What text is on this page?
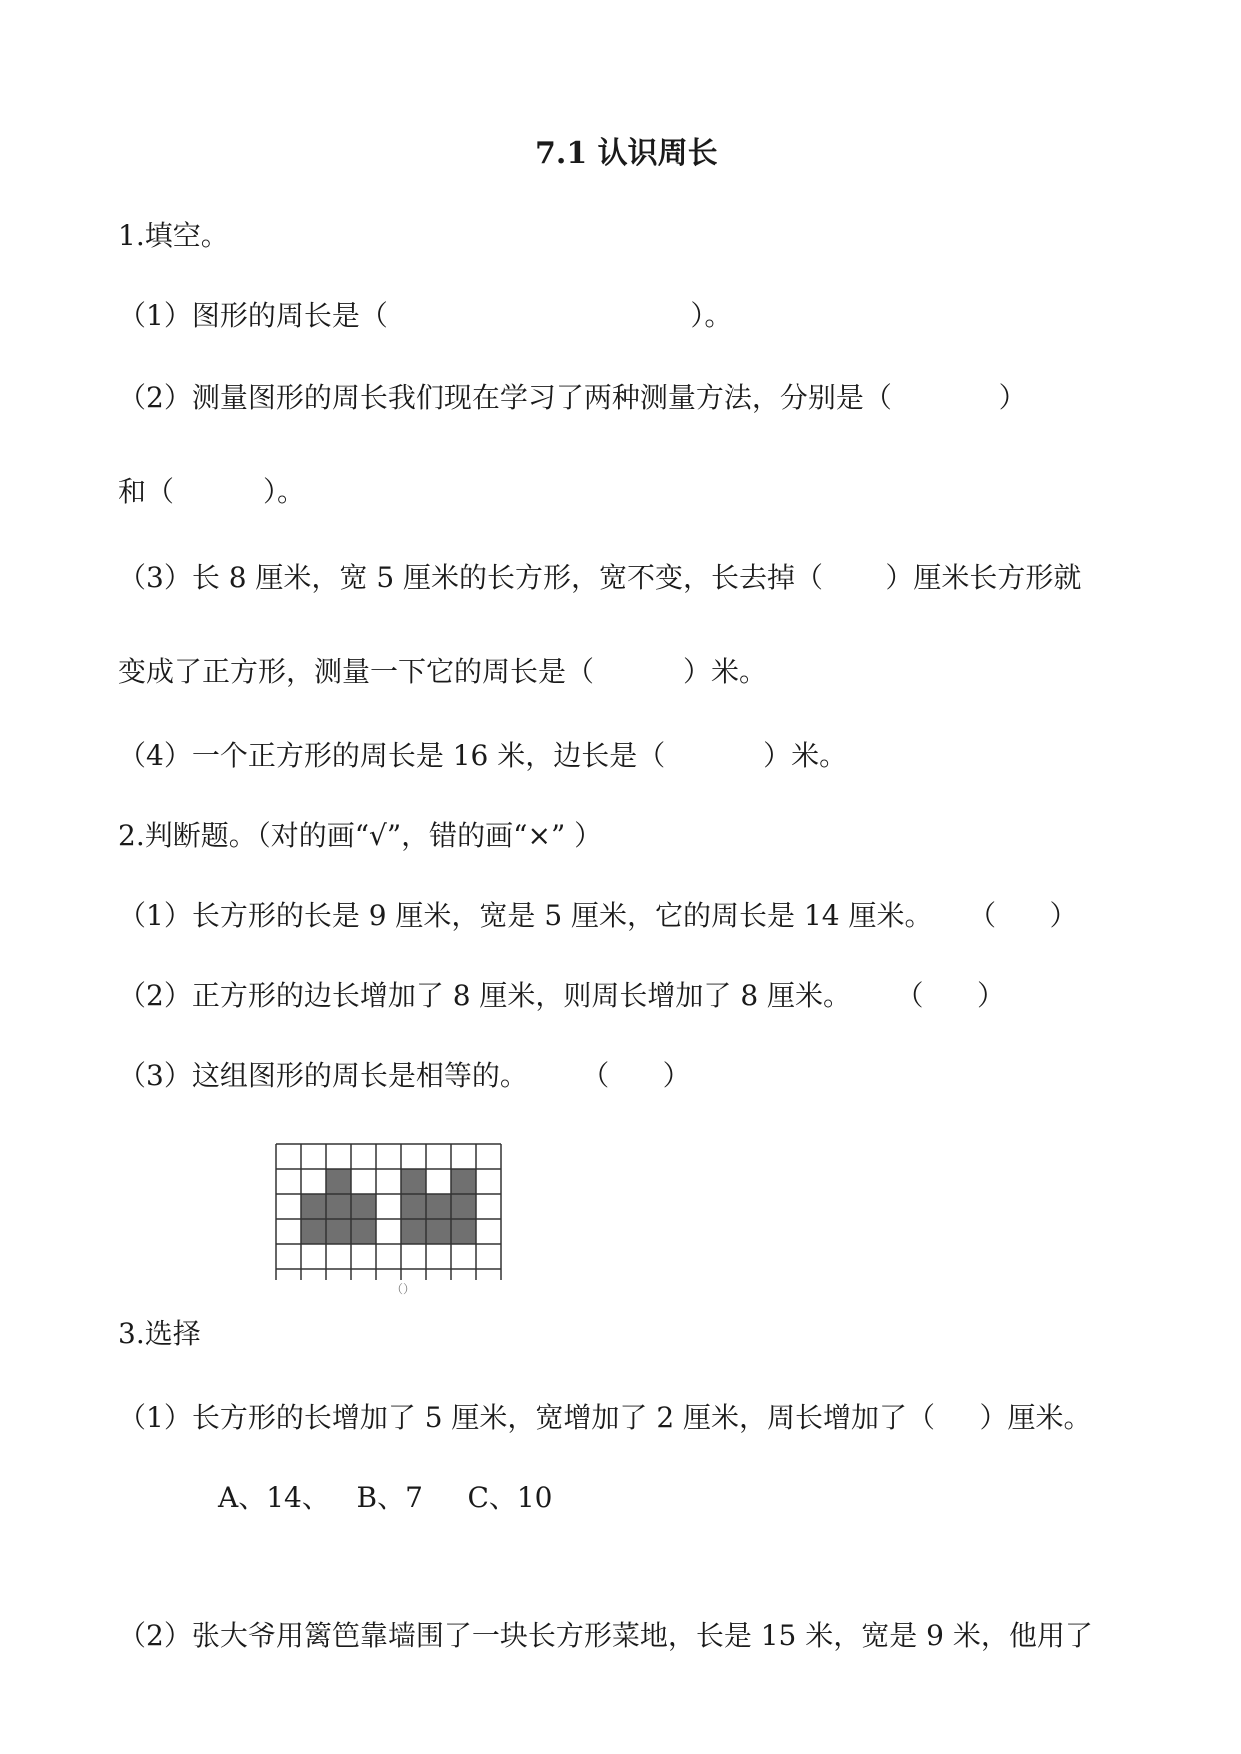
7.1 认识周长
1.填空。
（1）图形的周长是（                                  ）。
（2）测量图形的周长我们现在学习了两种测量方法，分别是（            ）
和（          ）。
（3）长 8 厘米，宽 5 厘米的长方形，宽不变，长去掉（       ）厘米长方形就
变成了正方形，测量一下它的周长是（          ）米。
（4）一个正方形的周长是 16 米，边长是（           ）米。
2.判断题。（对的画“√”，错的画“×” ）
（1）长方形的长是 9 厘米，宽是 5 厘米，它的周长是 14 厘米。    （      ）
（2）正方形的边长增加了 8 厘米，则周长增加了 8 厘米。     （      ）
（3）这组图形的周长是相等的。      （      ）
（）
3.选择
（1）长方形的长增加了 5 厘米，宽增加了 2 厘米，周长增加了（     ）厘米。
A、14、   B、7     C、10
（2）张大爷用篱笆靠墙围了一块长方形菜地，长是 15 米，宽是 9 米，他用了
